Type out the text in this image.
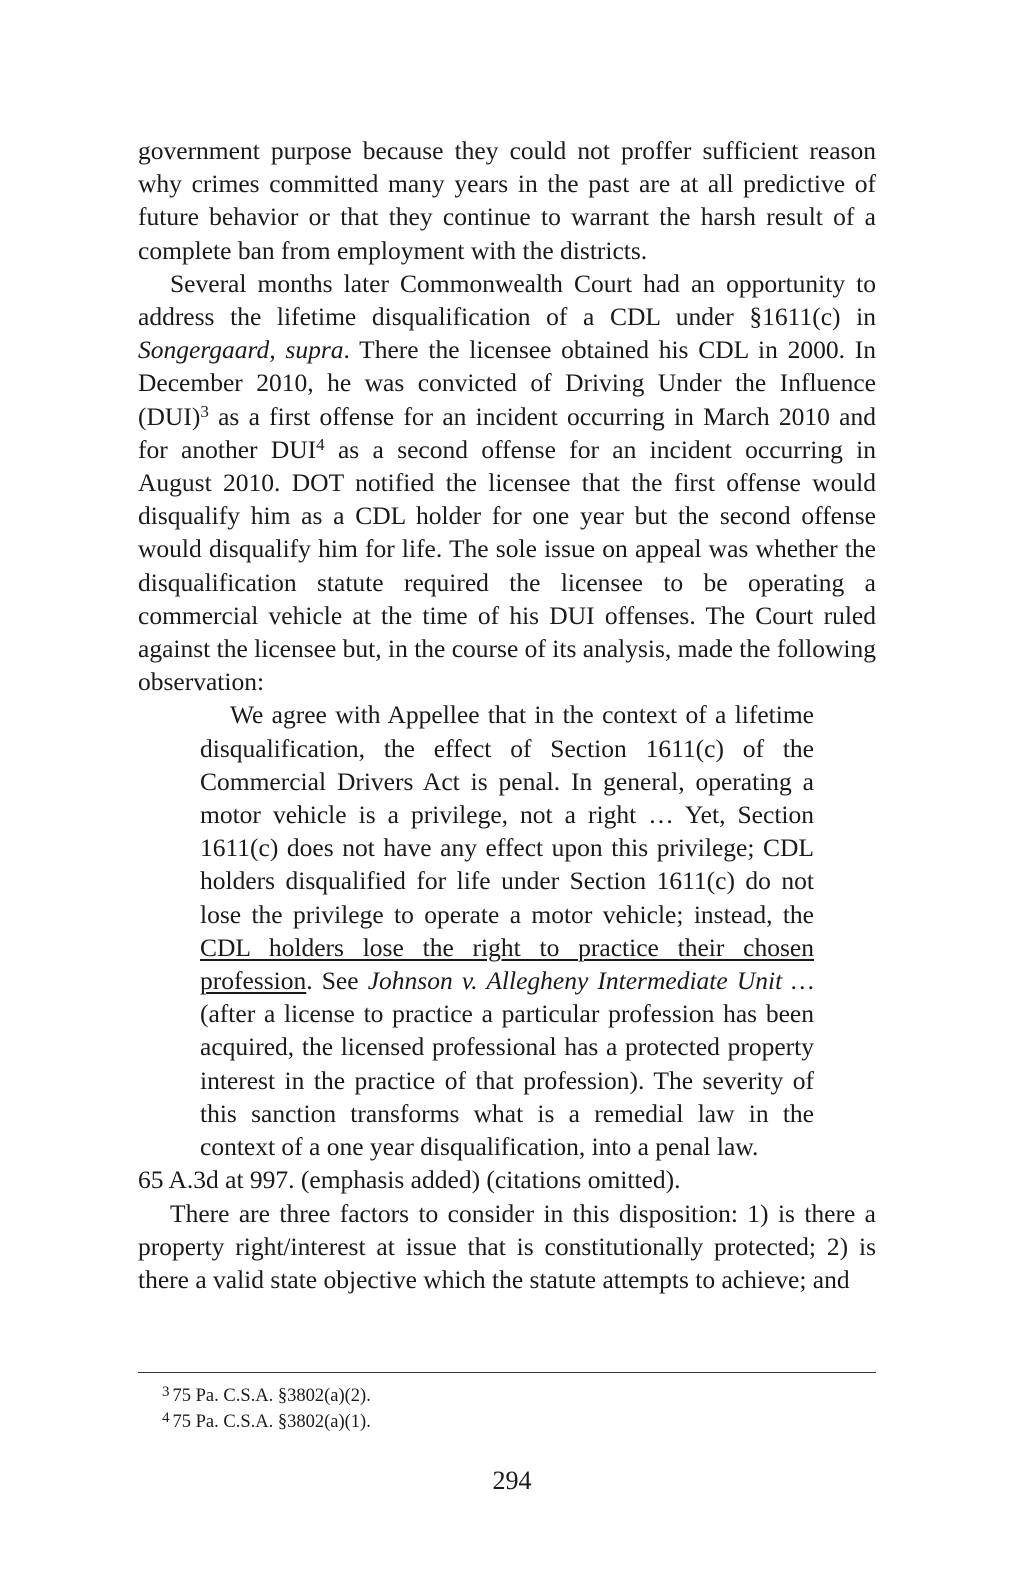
government purpose because they could not proffer sufficient reason why crimes committed many years in the past are at all predictive of future behavior or that they continue to warrant the harsh result of a complete ban from employment with the districts.

Several months later Commonwealth Court had an opportunity to address the lifetime disqualification of a CDL under §1611(c) in Songergaard, supra. There the licensee obtained his CDL in 2000. In December 2010, he was convicted of Driving Under the Influence (DUI)$^3$ as a first offense for an incident occurring in March 2010 and for another DUI$^4$ as a second offense for an incident occurring in August 2010. DOT notified the licensee that the first offense would disqualify him as a CDL holder for one year but the second offense would disqualify him for life. The sole issue on appeal was whether the disqualification statute required the licensee to be operating a commercial vehicle at the time of his DUI offenses. The Court ruled against the licensee but, in the course of its analysis, made the following observation:

We agree with Appellee that in the context of a lifetime disqualification, the effect of Section 1611(c) of the Commercial Drivers Act is penal. In general, operating a motor vehicle is a privilege, not a right … Yet, Section 1611(c) does not have any effect upon this privilege; CDL holders disqualified for life under Section 1611(c) do not lose the privilege to operate a motor vehicle; instead, the CDL holders lose the right to practice their chosen profession. See Johnson v. Allegheny Intermediate Unit … (after a license to practice a particular profession has been acquired, the licensed professional has a protected property interest in the practice of that profession). The severity of this sanction transforms what is a remedial law in the context of a one year disqualification, into a penal law.

65 A.3d at 997. (emphasis added) (citations omitted).

There are three factors to consider in this disposition: 1) is there a property right/interest at issue that is constitutionally protected; 2) is there a valid state objective which the statute attempts to achieve; and

$^3$ 75 Pa. C.S.A. §3802(a)(2).

$^4$ 75 Pa. C.S.A. §3802(a)(1).

294
